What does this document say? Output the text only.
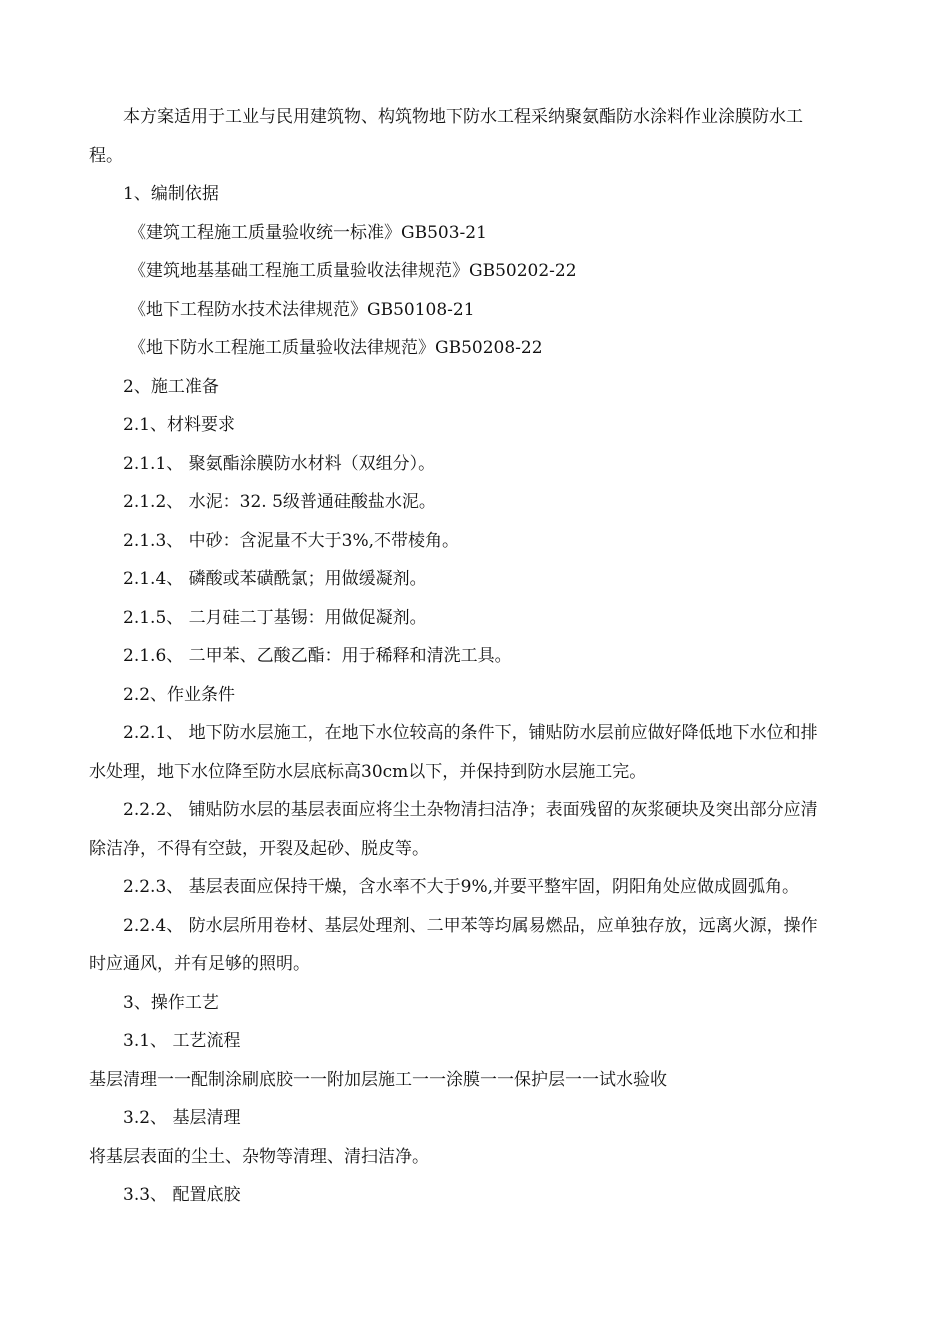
本方案适用于工业与民用建筑物、构筑物地下防水工程采纳聚氨酯防水涂料作业涂膜防水工程。

1、编制依据

《建筑工程施工质量验收统一标准》GB503-21

《建筑地基基础工程施工质量验收法律规范》GB50202-22

《地下工程防水技术法律规范》GB50108-21

《地下防水工程施工质量验收法律规范》GB50208-22

2、施工准备

2.1、材料要求

2.1.1、 聚氨酯涂膜防水材料（双组分）。

2.1.2、 水泥：32. 5级普通硅酸盐水泥。

2.1.3、 中砂：含泥量不大于3%,不带棱角。

2.1.4、 磷酸或苯磺酰氯；用做缓凝剂。

2.1.5、 二月硅二丁基锡：用做促凝剂。

2.1.6、 二甲苯、乙酸乙酯：用于稀释和清洗工具。

2.2、作业条件

2.2.1、 地下防水层施工，在地下水位较高的条件下，铺贴防水层前应做好降低地下水位和排水处理，地下水位降至防水层底标高30cm以下，并保持到防水层施工完。

2.2.2、 铺贴防水层的基层表面应将尘土杂物清扫洁净；表面残留的灰浆硬块及突出部分应清除洁净，不得有空鼓，开裂及起砂、脱皮等。

2.2.3、 基层表面应保持干燥，含水率不大于9%,并要平整牢固，阴阳角处应做成圆弧角。

2.2.4、 防水层所用卷材、基层处理剂、二甲苯等均属易燃品，应单独存放，远离火源，操作时应通风，并有足够的照明。

3、操作工艺

3.1、 工艺流程

基层清理一一配制涂刷底胶一一附加层施工一一涂膜一一保护层一一试水验收

3.2、 基层清理

将基层表面的尘土、杂物等清理、清扫洁净。

3.3、 配置底胶
